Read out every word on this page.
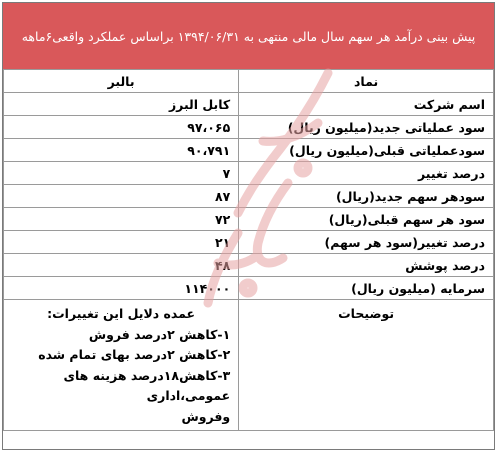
پیش بینی درآمد هر سهم سال مالی منتهی به ۱۳۹۴/۰۶/۳۱ براساس عملکرد واقعی۶ماهه
نماد	بالبر
اسم شرکت	کابل البرز
سود عملیاتی جدید(میلیون ریال)	۹۷،۰۶۵
سودعملیاتی قبلی(میلیون ریال)	۹۰،۷۹۱
درصد تغییر	۷
سودهر سهم جدید(ریال)	۸۷
سود هر سهم قبلی(ریال)	۷۲
درصد تغییر(سود هر سهم)	۲۱
درصد پوشش	۴۸
سرمایه (میلیون ریال)	۱۱۴۰۰۰
توضیحات	عمده دلایل این تغییرات:
۱-کاهش ۲درصد فروش
۲-کاهش ۲درصد بهای تمام شده
۳-کاهش۱۸درصد هزینه های عمومی،اداری
وفروش
